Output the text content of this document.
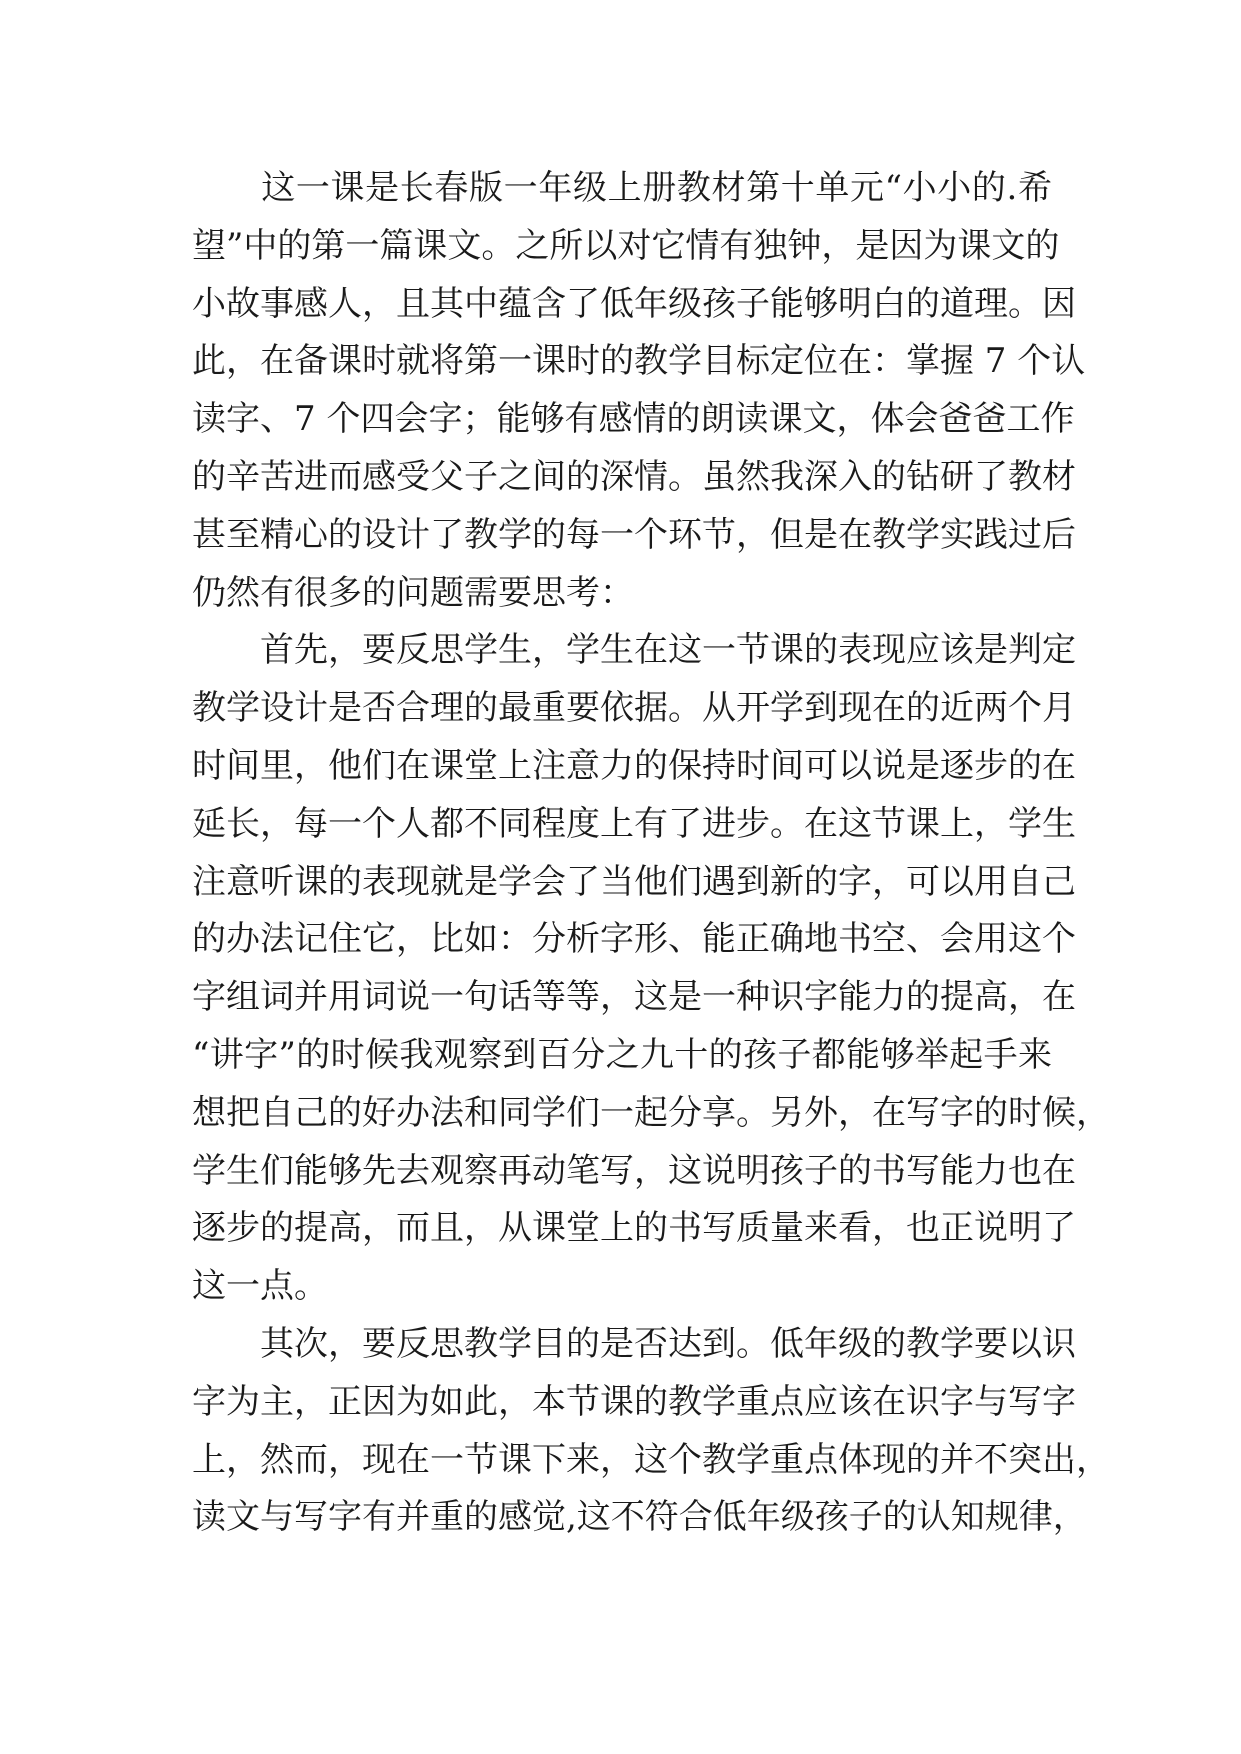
　　这一课是长春版一年级上册教材第十单元“小小的.希
望”中的第一篇课文。之所以对它情有独钟，是因为课文的
小故事感人，且其中蕴含了低年级孩子能够明白的道理。因
此，在备课时就将第一课时的教学目标定位在：掌握 7 个认
读字、7 个四会字；能够有感情的朗读课文，体会爸爸工作
的辛苦进而感受父子之间的深情。虽然我深入的钻研了教材
甚至精心的设计了教学的每一个环节，但是在教学实践过后
仍然有很多的问题需要思考：
　　首先，要反思学生，学生在这一节课的表现应该是判定
教学设计是否合理的最重要依据。从开学到现在的近两个月
时间里，他们在课堂上注意力的保持时间可以说是逐步的在
延长，每一个人都不同程度上有了进步。在这节课上，学生
注意听课的表现就是学会了当他们遇到新的字，可以用自己
的办法记住它，比如：分析字形、能正确地书空、会用这个
字组词并用词说一句话等等，这是一种识字能力的提高，在
“讲字”的时候我观察到百分之九十的孩子都能够举起手来
想把自己的好办法和同学们一起分享。另外，在写字的时候，
学生们能够先去观察再动笔写，这说明孩子的书写能力也在
逐步的提高，而且，从课堂上的书写质量来看，也正说明了
这一点。
　　其次，要反思教学目的是否达到。低年级的教学要以识
字为主，正因为如此，本节课的教学重点应该在识字与写字
上，然而，现在一节课下来，这个教学重点体现的并不突出，
读文与写字有并重的感觉,这不符合低年级孩子的认知规律，
